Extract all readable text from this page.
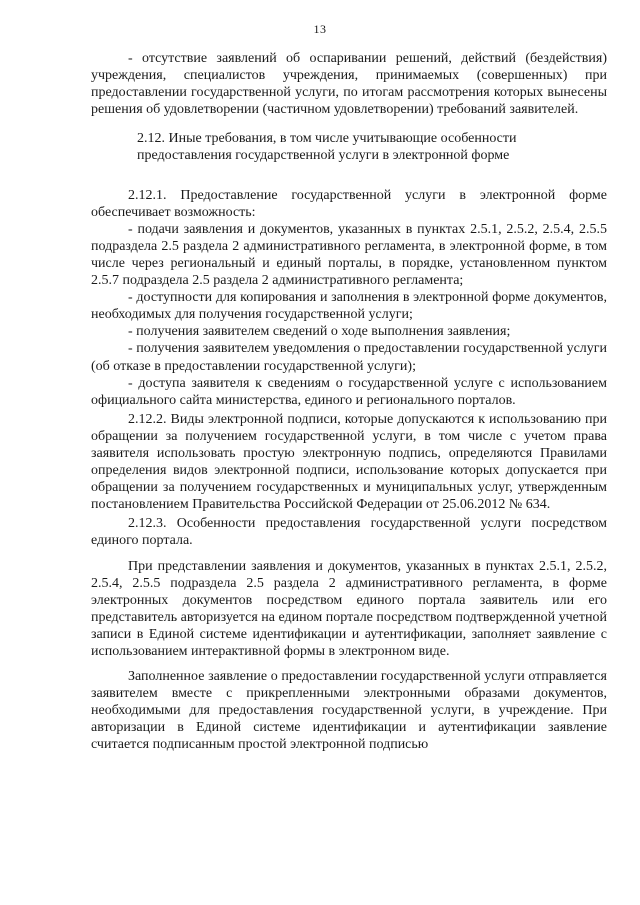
13

- отсутствие заявлений об оспаривании решений, действий (бездействия) учреждения, специалистов учреждения, принимаемых (совершенных) при предоставлении государственной услуги, по итогам рассмотрения которых вынесены решения об удовлетворении (частичном удовлетворении) требований заявителей.

2.12. Иные требования, в том числе учитывающие особенности предоставления государственной услуги в электронной форме

2.12.1. Предоставление государственной услуги в электронной форме обеспечивает возможность:

- подачи заявления и документов, указанных в пунктах 2.5.1, 2.5.2, 2.5.4, 2.5.5 подраздела 2.5 раздела 2 административного регламента, в электронной форме, в том числе через региональный и единый порталы, в порядке, установленном пунктом 2.5.7 подраздела 2.5 раздела 2 административного регламента;

- доступности для копирования и заполнения в электронной форме документов, необходимых для получения государственной услуги;

- получения заявителем сведений о ходе выполнения заявления;

- получения заявителем уведомления о предоставлении государственной услуги (об отказе в предоставлении государственной услуги);

- доступа заявителя к сведениям о государственной услуге с использованием официального сайта министерства, единого и регионального порталов.

2.12.2. Виды электронной подписи, которые допускаются к использованию при обращении за получением государственной услуги, в том числе с учетом права заявителя использовать простую электронную подпись, определяются Правилами определения видов электронной подписи, использование которых допускается при обращении за получением государственных и муниципальных услуг, утвержденным постановлением Правительства Российской Федерации от 25.06.2012 № 634.

2.12.3. Особенности предоставления государственной услуги посредством единого портала.

При представлении заявления и документов, указанных в пунктах 2.5.1, 2.5.2, 2.5.4, 2.5.5 подраздела 2.5 раздела 2 административного регламента, в форме электронных документов посредством единого портала заявитель или его представитель авторизуется на едином портале посредством подтвержденной учетной записи в Единой системе идентификации и аутентификации, заполняет заявление с использованием интерактивной формы в электронном виде.

Заполненное заявление о предоставлении государственной услуги отправляется заявителем вместе с прикрепленными электронными образами документов, необходимыми для предоставления государственной услуги, в учреждение. При авторизации в Единой системе идентификации и аутентификации заявление считается подписанным простой электронной подписью
